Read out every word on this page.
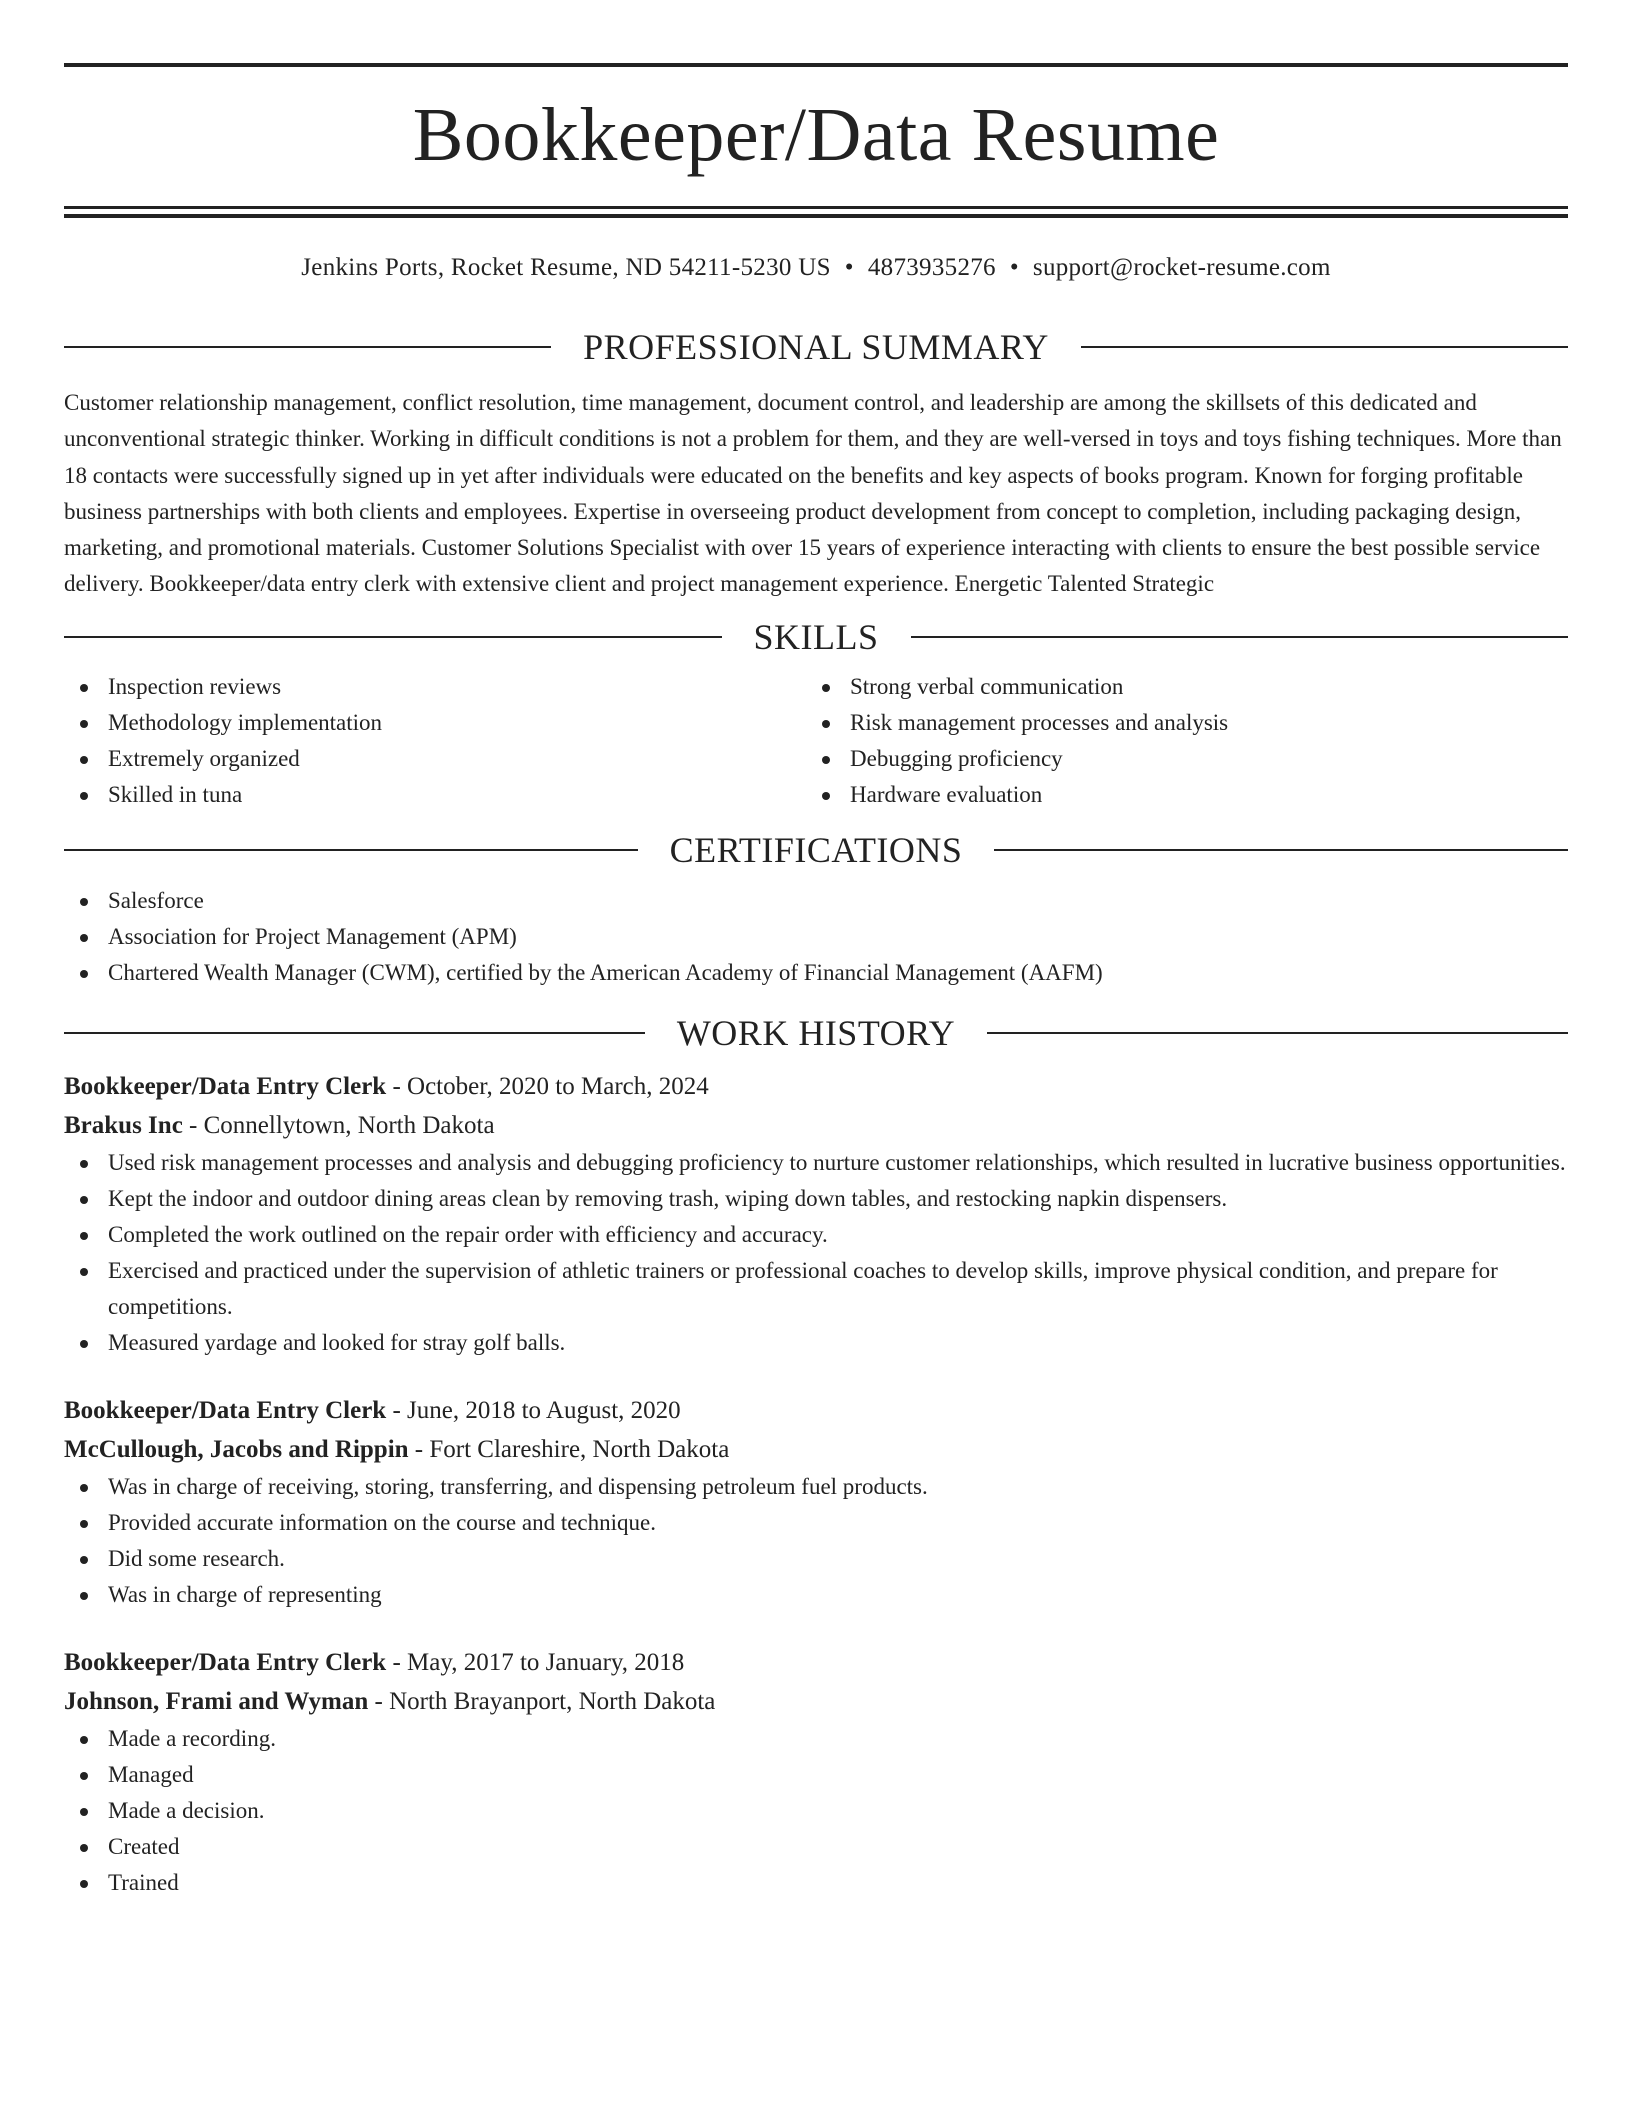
Bookkeeper/Data Resume
Jenkins Ports, Rocket Resume, ND 54211-5230 US • 4873935276 • support@rocket-resume.com
PROFESSIONAL SUMMARY

Customer relationship management, conflict resolution, time management, document control, and leadership are among the skillsets of this dedicated and unconventional strategic thinker. Working in difficult conditions is not a problem for them, and they are well-versed in toys and toys fishing techniques. More than 18 contacts were successfully signed up in yet after individuals were educated on the benefits and key aspects of books program. Known for forging profitable business partnerships with both clients and employees. Expertise in overseeing product development from concept to completion, including packaging design, marketing, and promotional materials. Customer Solutions Specialist with over 15 years of experience interacting with clients to ensure the best possible service delivery. Bookkeeper/data entry clerk with extensive client and project management experience. Energetic Talented Strategic

SKILLS
Inspection reviews
Methodology implementation
Extremely organized
Skilled in tuna
Strong verbal communication
Risk management processes and analysis
Debugging proficiency
Hardware evaluation
CERTIFICATIONS
Salesforce
Association for Project Management (APM)
Chartered Wealth Manager (CWM), certified by the American Academy of Financial Management (AAFM)
WORK HISTORY
Bookkeeper/Data Entry Clerk - October, 2020 to March, 2024
Brakus Inc - Connellytown, North Dakota
Used risk management processes and analysis and debugging proficiency to nurture customer relationships, which resulted in lucrative business opportunities.
Kept the indoor and outdoor dining areas clean by removing trash, wiping down tables, and restocking napkin dispensers.
Completed the work outlined on the repair order with efficiency and accuracy.
Exercised and practiced under the supervision of athletic trainers or professional coaches to develop skills, improve physical condition, and prepare for competitions.
Measured yardage and looked for stray golf balls.
Bookkeeper/Data Entry Clerk - June, 2018 to August, 2020
McCullough, Jacobs and Rippin - Fort Clareshire, North Dakota
Was in charge of receiving, storing, transferring, and dispensing petroleum fuel products.
Provided accurate information on the course and technique.
Did some research.
Was in charge of representing
Bookkeeper/Data Entry Clerk - May, 2017 to January, 2018
Johnson, Frami and Wyman - North Brayanport, North Dakota
Made a recording.
Managed
Made a decision.
Created
Trained
